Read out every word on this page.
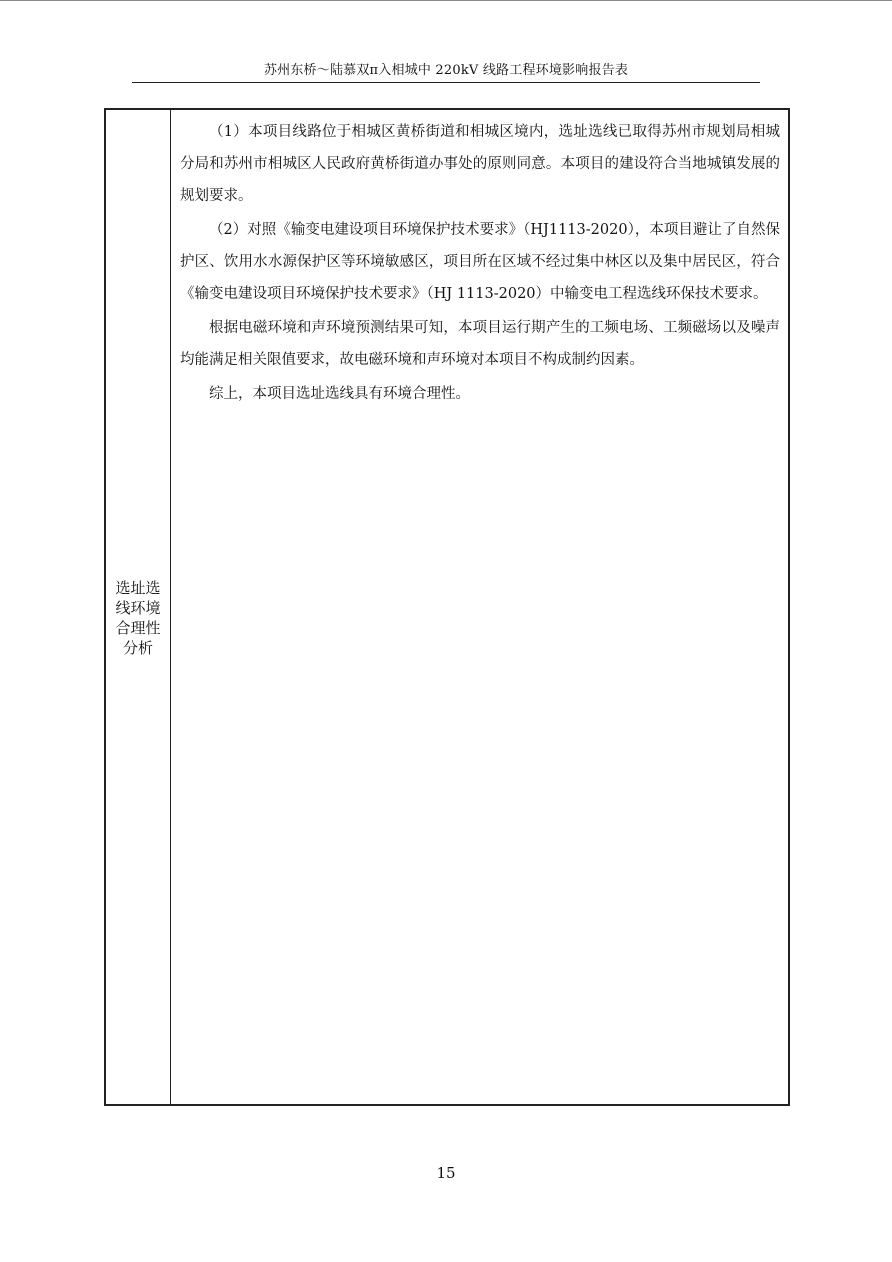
苏州东桥～陆慕双π入相城中 220kV 线路工程环境影响报告表
选址选线环境合理性分析

（1）本项目线路位于相城区黄桥街道和相城区境内，选址选线已取得苏州市规划局相城分局和苏州市相城区人民政府黄桥街道办事处的原则同意。本项目的建设符合当地城镇发展的规划要求。

（2）对照《输变电建设项目环境保护技术要求》（HJ1113-2020），本项目避让了自然保护区、饮用水水源保护区等环境敏感区，项目所在区域不经过集中林区以及集中居民区，符合《输变电建设项目环境保护技术要求》（HJ 1113-2020）中输变电工程选线环保技术要求。

根据电磁环境和声环境预测结果可知，本项目运行期产生的工频电场、工频磁场以及噪声均能满足相关限值要求，故电磁环境和声环境对本项目不构成制约因素。

综上，本项目选址选线具有环境合理性。

15
